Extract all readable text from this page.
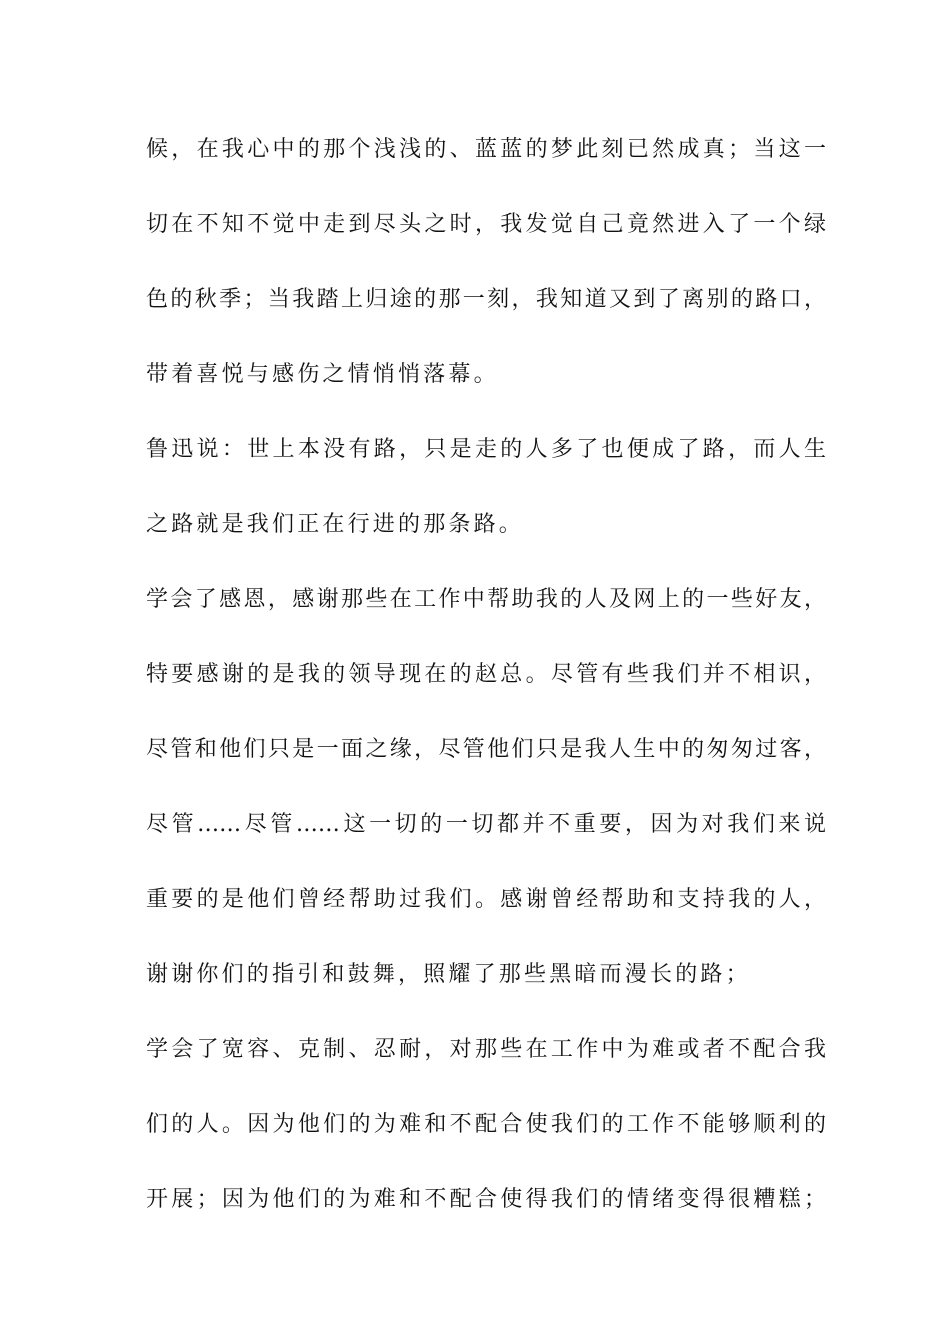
候，在我心中的那个浅浅的、蓝蓝的梦此刻已然成真；当这一
切在不知不觉中走到尽头之时，我发觉自己竟然进入了一个绿
色的秋季；当我踏上归途的那一刻，我知道又到了离别的路口，
带着喜悦与感伤之情悄悄落幕。
鲁迅说：世上本没有路，只是走的人多了也便成了路，而人生
之路就是我们正在行进的那条路。
学会了感恩，感谢那些在工作中帮助我的人及网上的一些好友，
特要感谢的是我的领导现在的赵总。尽管有些我们并不相识，
尽管和他们只是一面之缘，尽管他们只是我人生中的匆匆过客，
尽管……尽管……这一切的一切都并不重要，因为对我们来说
重要的是他们曾经帮助过我们。感谢曾经帮助和支持我的人，
谢谢你们的指引和鼓舞，照耀了那些黑暗而漫长的路；
学会了宽容、克制、忍耐，对那些在工作中为难或者不配合我
们的人。因为他们的为难和不配合使我们的工作不能够顺利的
开展；因为他们的为难和不配合使得我们的情绪变得很糟糕；
